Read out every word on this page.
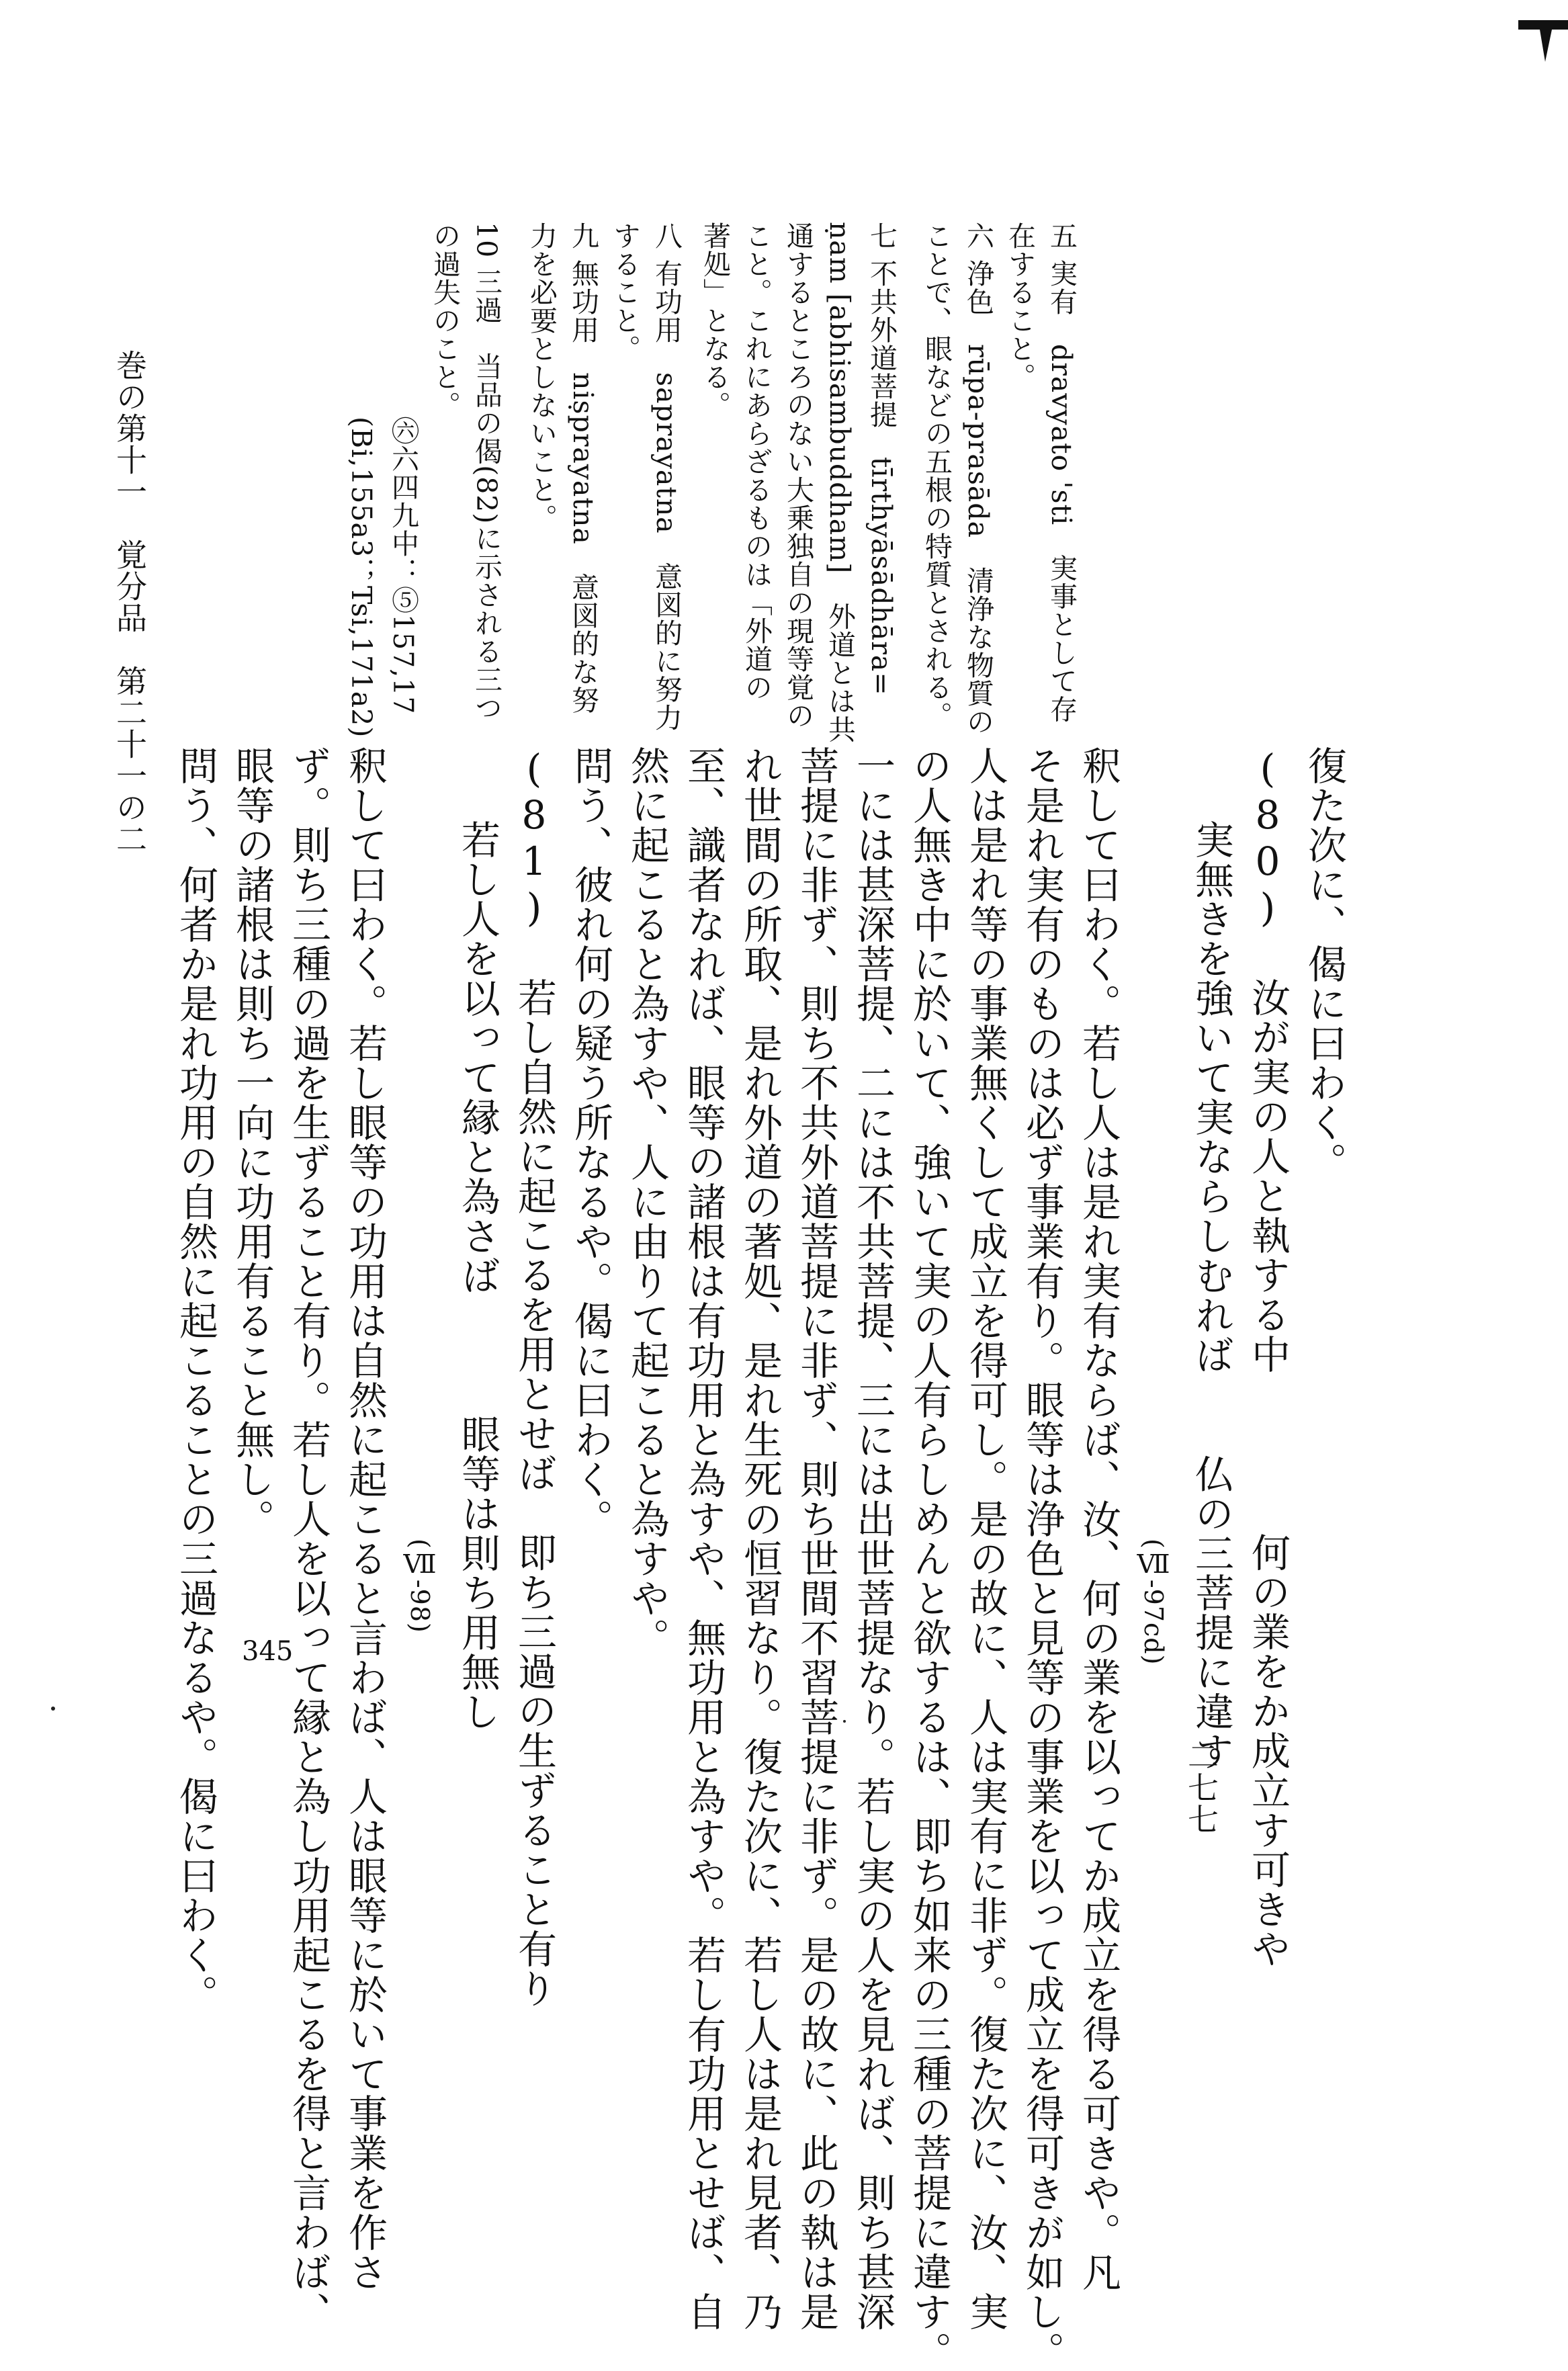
復た次に、偈に曰わく。
(80) 汝が実の人と執する中　　　　何の業をか成立す可きや
実無きを強いて実ならしむれば　　仏の三菩提に違す
(Ⅶ-97cd)
釈して曰わく。若し人は是れ実有ならば、汝、何の業を以ってか成立を得る可きや。凡
そ是れ実有のものは必ず事業有り。眼等は浄色と見等の事業を以って成立を得可きが如し。
人は是れ等の事業無くして成立を得可し。是の故に、人は実有に非ず。復た次に、汝、実
の人無き中に於いて、強いて実の人有らしめんと欲するは、即ち如来の三種の菩提に違す。
一には甚深菩提、二には不共菩提、三には出世菩提なり。若し実の人を見れば、則ち甚深
菩提に非ず、則ち不共外道菩提に非ず、則ち世間不習菩提に非ず。是の故に、此の執は是
れ世間の所取、是れ外道の著処、是れ生死の恒習なり。復た次に、若し人は是れ見者、乃
至、識者なれば、眼等の諸根は有功用と為すや、無功用と為すや。若し有功用とせば、自
然に起こると為すや、人に由りて起こると為すや。
問う、彼れ何の疑う所なるや。偈に曰わく。
(81) 若し自然に起こるを用とせば　即ち三過の生ずること有り
若し人を以って縁と為さば　　　眼等は則ち用無し
(Ⅶ-98)
釈して曰わく。若し眼等の功用は自然に起こると言わば、人は眼等に於いて事業を作さ
ず。則ち三種の過を生ずること有り。若し人を以って縁と為し功用起こるを得と言わば、
眼等の諸根は則ち一向に功用有ること無し。
問う、何者か是れ功用の自然に起こることの三過なるや。偈に曰わく。
五 実有　dravyato 'sti　実事として存
在すること。
六 浄色　rūpa-prasāda　清浄な物質の
ことで、眼などの五根の特質とされる。
七 不共外道菩提　tīrthyāsādhāra=
ṇam [abhisambuddham]　外道とは共
通するところのない大乗独自の現等覚の
こと。これにあらざるものは「外道の
著処」となる。
八 有功用　saprayatna　意図的に努力
すること。
九 無功用　niṣprayatna　意図的な努
力を必要としないこと。
10 三過　当品の偈(82)に示される三つ
の過失のこと。
㊅六四九中：⑤157,17
(Bi,155a3；Tsi,171a2)
巻の第十一　覚分品　第二十一の二
二七七
345
